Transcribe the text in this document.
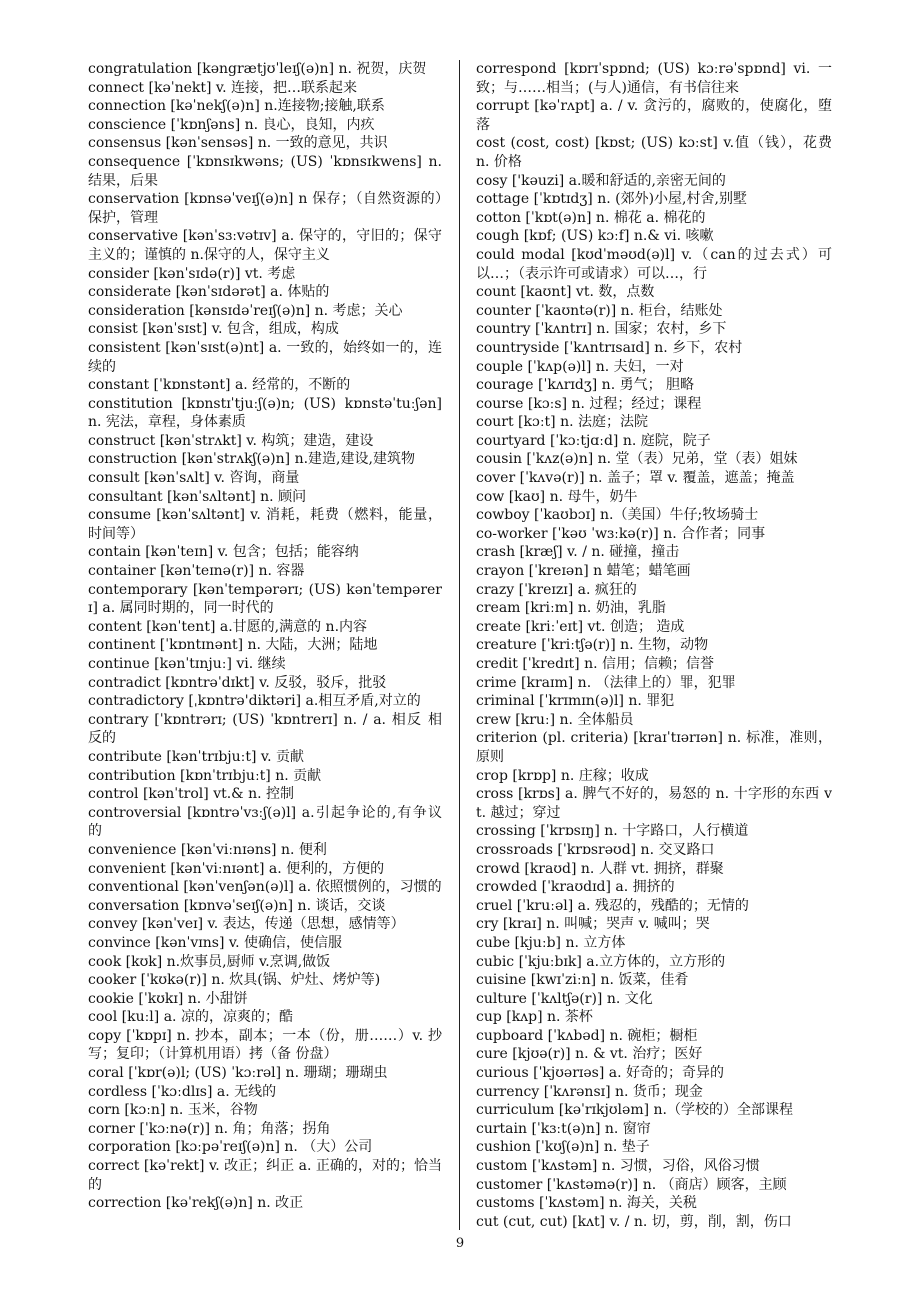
congratulation [kəngrætjʊˈleɪʃ(ə)n] n. 祝贺，庆贺

connect [kəˈnekt] v. 连接，把…联系起来

connection [kəˈnekʃ(ə)n] n.连接物;接触,联系

conscience [ˈkɒnʃəns] n. 良心，良知，内疚

consensus [kənˈsensəs] n. 一致的意见，共识

consequence [ˈkɒnsɪkwəns; (US) ˈkɒnsɪkwens] n. 结果，后果

conservation [kɒnsəˈveɪʃ(ə)n] n 保存；（自然资源的）保护，管理

conservative [kənˈsɜːvətɪv] a. 保守的，守旧的；保守主义的；谨慎的 n.保守的人，保守主义

consider [kənˈsɪdə(r)] vt. 考虑

considerate [kənˈsɪdərət] a. 体贴的

consideration [kənsɪdəˈreɪʃ(ə)n] n. 考虑；关心

consist [kənˈsɪst] v. 包含，组成，构成

consistent [kənˈsɪst(ə)nt] a. 一致的，始终如一的，连续的

constant [ˈkɒnstənt] a. 经常的，不断的

constitution [kɒnstɪˈtjuːʃ(ə)n; (US) kɒnstəˈtuːʃən] n. 宪法，章程，身体素质

construct [kənˈstrʌkt] v. 构筑；建造，建设

construction [kənˈstrʌkʃ(ə)n] n.建造,建设,建筑物

consult [kənˈsʌlt] v. 咨询，商量

consultant [kənˈsʌltənt] n. 顾问

consume [kənˈsʌltənt] v. 消耗，耗费（燃料，能量，时间等）

contain [kənˈteɪn] v. 包含；包括；能容纳

container [kənˈteɪnə(r)] n. 容器

contemporary [kənˈtempərərɪ; (US) kənˈtempərerɪ] a. 属同时期的，同一时代的

content [kənˈtent] a.甘愿的,满意的 n.内容

continent [ˈkɒntɪnənt] n. 大陆，大洲；陆地

continue [kənˈtɪnjuː] vi. 继续

contradict [kɒntrəˈdɪkt] v. 反驳，驳斥，批驳

contradictory [ˌkɒntrə'diktəri] a.相互矛盾,对立的

contrary [ˈkɒntrərɪ; (US) ˈkɒntrerɪ] n. / a. 相反 相反的

contribute [kənˈtrɪbjuːt] v. 贡献

contribution [kɒnˈtrɪbjuːt] n. 贡献

control [kənˈtrol] vt.& n. 控制

controversial [kɒntrəˈvɜːʃ(ə)l] a.引起争论的,有争议的

convenience [kənˈviːnɪəns] n. 便利

convenient [kənˈviːnɪənt] a. 便利的，方便的

conventional [kənˈvenʃən(ə)l] a. 依照惯例的，习惯的

conversation [kɒnvəˈseɪʃ(ə)n] n. 谈话，交谈

convey [kənˈveɪ] v. 表达，传递（思想，感情等）

convince [kənˈvɪns] v. 使确信，使信服

cook [kʊk] n.炊事员,厨师 v.烹调,做饭

cooker [ˈkʊkə(r)] n. 炊具(锅、炉灶、烤炉等)

cookie [ˈkʊkɪ] n. 小甜饼

cool [kuːl] a. 凉的，凉爽的；酷

copy [ˈkɒpɪ] n. 抄本，副本；一本（份，册……）v. 抄写；复印；（计算机用语）拷（备 份盘）

coral [ˈkɒr(ə)l; (US) ˈkɔːrəl] n. 珊瑚；珊瑚虫

cordless [ˈkɔːdlɪs] a. 无线的

corn [kɔːn] n. 玉米，谷物

corner [ˈkɔːnə(r)] n. 角；角落；拐角

corporation [kɔːpəˈreɪʃ(ə)n] n. （大）公司

correct [kəˈrekt] v. 改正；纠正 a. 正确的，对的；恰当的

correction [kəˈrekʃ(ə)n] n. 改正

correspond [kɒrɪˈspɒnd; (US) kɔːrəˈspɒnd] vi. 一致；与……相当；(与人)通信，有书信往来

corrupt [kəˈrʌpt] a. / v. 贪污的，腐败的，使腐化，堕落

cost (cost, cost) [kɒst; (US) kɔːst] v.值（钱），花费 n. 价格

cosy ['kəuzi] a.暖和舒适的,亲密无间的

cottage [ˈkɒtɪdʒ] n. (郊外)小屋,村舍,别墅

cotton [ˈkɒt(ə)n] n. 棉花 a. 棉花的

cough [kɒf; (US) kɔːf] n.& vi. 咳嗽

could modal [kʊdˈməʊd(ə)l] v.（can的过去式）可以…；（表示许可或请求）可以…，行

count [kaʊnt] vt. 数，点数

counter [ˈkaʊntə(r)] n. 柜台，结账处

country [ˈkʌntrɪ] n. 国家；农村，乡下

countryside [ˈkʌntrɪsaɪd] n. 乡下，农村

couple [ˈkʌp(ə)l] n. 夫妇，一对

courage [ˈkʌrɪdʒ] n. 勇气； 胆略

course [kɔːs] n. 过程；经过；课程

court [kɔːt] n. 法庭；法院

courtyard [ˈkɔːtjɑːd] n. 庭院，院子

cousin [ˈkʌz(ə)n] n. 堂（表）兄弟，堂（表）姐妹

cover [ˈkʌvə(r)] n. 盖子；罩 v. 覆盖，遮盖；掩盖

cow [kaʊ] n. 母牛，奶牛

cowboy [ˈkaʊbɔɪ] n.（美国）牛仔;牧场骑士

co-worker [ˈkəʊ ˈwɜːkə(r)] n. 合作者；同事

crash [kræʃ] v. / n. 碰撞，撞击

crayon [ˈkreɪən] n 蜡笔；蜡笔画

crazy [ˈkreɪzɪ] a. 疯狂的

cream [kriːm] n. 奶油，乳脂

create [kriːˈeɪt] vt. 创造； 造成

creature [ˈkriːtʃə(r)] n. 生物，动物

credit [ˈkredɪt] n. 信用；信赖；信誉

crime [kraɪm] n. （法律上的）罪，犯罪

criminal [ˈkrɪmɪn(ə)l] n. 罪犯

crew [kruː] n. 全体船员

criterion (pl. criteria) [kraɪˈtɪərɪən] n. 标准，准则，原则

crop [krɒp] n. 庄稼；收成

cross [krɒs] a. 脾气不好的，易怒的 n. 十字形的东西 vt. 越过；穿过

crossing [ˈkrɒsɪŋ] n. 十字路口，人行横道

crossroads [ˈkrɒsrəʊd] n. 交叉路口

crowd [kraʊd] n. 人群 vt. 拥挤，群聚

crowded [ˈkraʊdɪd] a. 拥挤的

cruel [ˈkruːəl] a. 残忍的，残酷的；无情的

cry [kraɪ] n. 叫喊；哭声 v. 喊叫；哭

cube [kjuːb] n. 立方体

cubic [ˈkjuːbɪk] a.立方体的，立方形的

cuisine [kwɪˈziːn] n. 饭菜，佳肴

culture [ˈkʌltʃə(r)] n. 文化

cup [kʌp] n. 茶杯

cupboard [ˈkʌbəd] n. 碗柜；橱柜

cure [kjʊə(r)] n. & vt. 治疗；医好

curious [ˈkjʊərɪəs] a. 好奇的；奇异的

currency [ˈkʌrənsɪ] n. 货币；现金

curriculum [kəˈrɪkjʊləm] n.（学校的）全部课程

curtain [ˈkɜːt(ə)n] n. 窗帘

cushion [ˈkʊʃ(ə)n] n. 垫子

custom [ˈkʌstəm] n. 习惯，习俗，风俗习惯

customer [ˈkʌstəmə(r)] n. （商店）顾客，主顾

customs [ˈkʌstəm] n. 海关，关税

cut (cut, cut) [kʌt] v. / n. 切，剪，削，割，伤口

9
